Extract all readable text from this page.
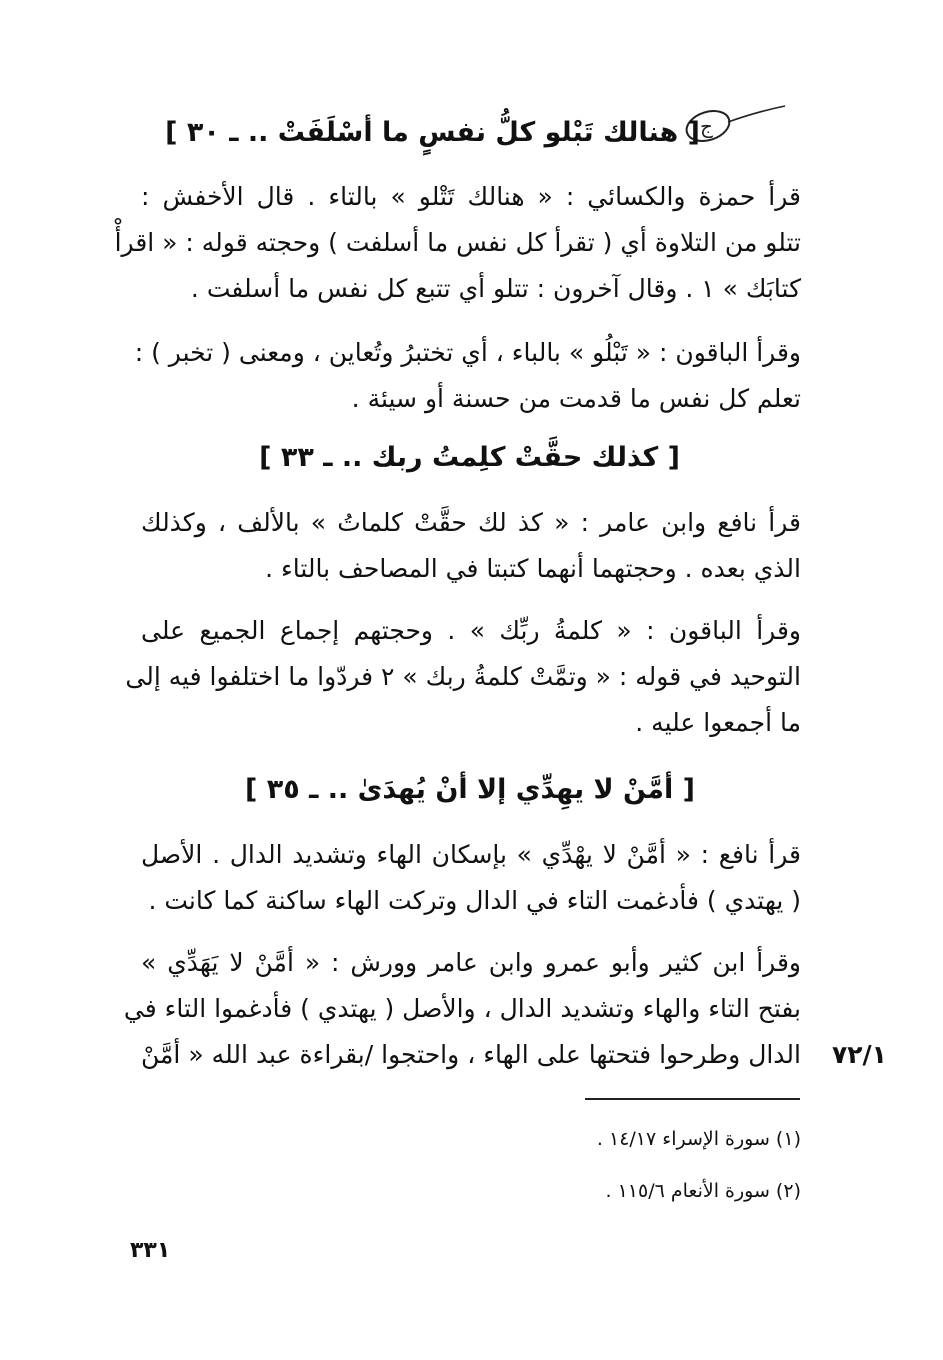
ج
[ هنالك تَبْلو كلُّ نفسٍ ما أسْلَفَتْ .. ـ ٣٠ ]
قرأ حمزة والكسائي : « هنالك تَتْلو » بالتاء . قال الأخفش :
تتلو من التلاوة أي ( تقرأ كل نفس ما أسلفت ) وحجته قوله : « اقرأْ
كتابَك » ١ . وقال آخرون : تتلو أي تتبع كل نفس ما أسلفت .
وقرأ الباقون : « تَبْلُو » بالباء ، أي تختبرُ وتُعاين ، ومعنى ( تخبر ) :
تعلم كل نفس ما قدمت من حسنة أو سيئة .
[ كذلك حقَّتْ كلِمتُ ربك .. ـ ٣٣ ]
قرأ نافع وابن عامر : « كذ لك حقَّتْ كلماتُ » بالألف ، وكذلك
الذي بعده . وحجتهما أنهما كتبتا في المصاحف بالتاء .
وقرأ الباقون : « كلمةُ ربِّك » . وحجتهم إجماع الجميع على
التوحيد في قوله : « وتمَّتْ كلمةُ ربك » ٢ فردّوا ما اختلفوا فيه إلى
ما أجمعوا عليه .
[ أمَّنْ لا يهِدِّي إلا أنْ يُهدَىٰ .. ـ ٣٥ ]
قرأ نافع : « أمَّنْ لا يهْدِّي » بإسكان الهاء وتشديد الدال . الأصل
( يهتدي ) فأدغمت التاء في الدال وتركت الهاء ساكنة كما كانت .
وقرأ ابن كثير وأبو عمرو وابن عامر وورش : « أمَّنْ لا يَهَدِّي »
بفتح التاء والهاء وتشديد الدال ، والأصل ( يهتدي ) فأدغموا التاء في
الدال وطرحوا فتحتها على الهاء ، واحتجوا /بقراءة عبد الله « أمَّنْ ٧٢/١
(١) سورة الإسراء ١٤/١٧ .
(٢) سورة الأنعام ١١٥/٦ .
٣٣١
